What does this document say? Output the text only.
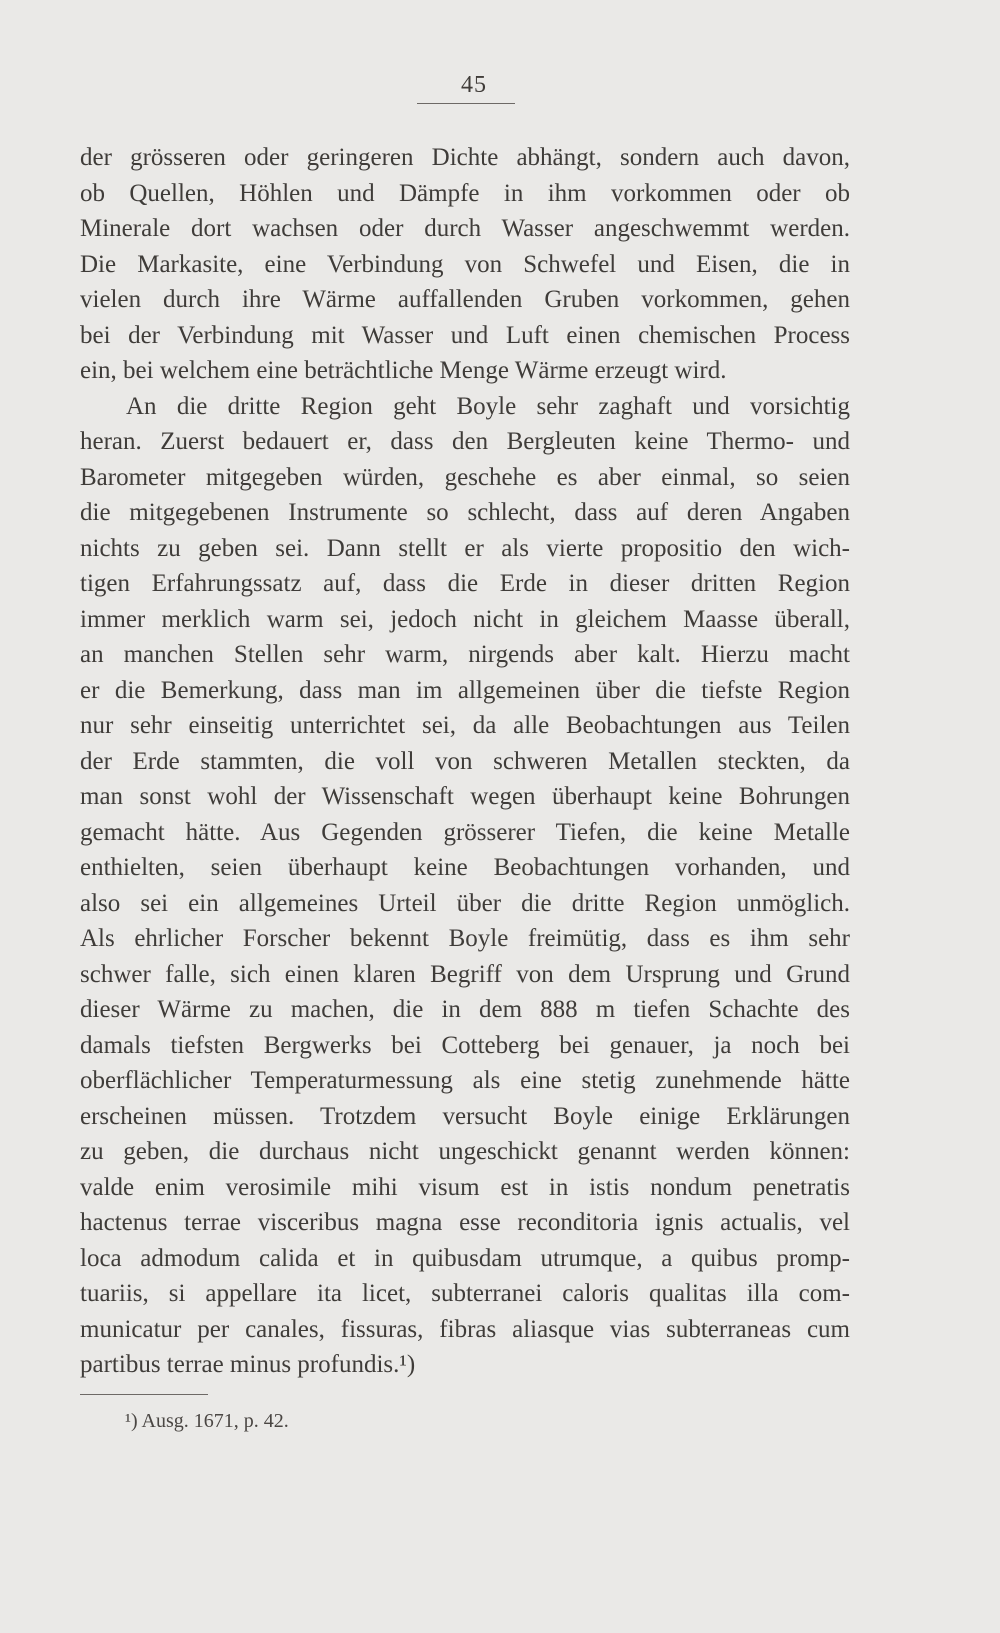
45
der grösseren oder geringeren Dichte abhängt, sondern auch davon,
ob Quellen, Höhlen und Dämpfe in ihm vorkommen oder ob
Minerale dort wachsen oder durch Wasser angeschwemmt werden.
Die Markasite, eine Verbindung von Schwefel und Eisen, die in
vielen durch ihre Wärme auffallenden Gruben vorkommen, gehen
bei der Verbindung mit Wasser und Luft einen chemischen Process
ein, bei welchem eine beträchtliche Menge Wärme erzeugt wird.
An die dritte Region geht Boyle sehr zaghaft und vorsichtig
heran. Zuerst bedauert er, dass den Bergleuten keine Thermo- und
Barometer mitgegeben würden, geschehe es aber einmal, so seien
die mitgegebenen Instrumente so schlecht, dass auf deren Angaben
nichts zu geben sei. Dann stellt er als vierte propositio den wich-
tigen Erfahrungssatz auf, dass die Erde in dieser dritten Region
immer merklich warm sei, jedoch nicht in gleichem Maasse überall,
an manchen Stellen sehr warm, nirgends aber kalt. Hierzu macht
er die Bemerkung, dass man im allgemeinen über die tiefste Region
nur sehr einseitig unterrichtet sei, da alle Beobachtungen aus Teilen
der Erde stammten, die voll von schweren Metallen steckten, da
man sonst wohl der Wissenschaft wegen überhaupt keine Bohrungen
gemacht hätte. Aus Gegenden grösserer Tiefen, die keine Metalle
enthielten, seien überhaupt keine Beobachtungen vorhanden, und
also sei ein allgemeines Urteil über die dritte Region unmöglich.
Als ehrlicher Forscher bekennt Boyle freimütig, dass es ihm sehr
schwer falle, sich einen klaren Begriff von dem Ursprung und Grund
dieser Wärme zu machen, die in dem 888 m tiefen Schachte des
damals tiefsten Bergwerks bei Cotteberg bei genauer, ja noch bei
oberflächlicher Temperaturmessung als eine stetig zunehmende hätte
erscheinen müssen. Trotzdem versucht Boyle einige Erklärungen
zu geben, die durchaus nicht ungeschickt genannt werden können:
valde enim verosimile mihi visum est in istis nondum penetratis
hactenus terrae visceribus magna esse reconditoria ignis actualis, vel
loca admodum calida et in quibusdam utrumque, a quibus promp-
tuariis, si appellare ita licet, subterranei caloris qualitas illa com-
municatur per canales, fissuras, fibras aliasque vias subterraneas cum
partibus terrae minus profundis.¹)
¹) Ausg. 1671, p. 42.
